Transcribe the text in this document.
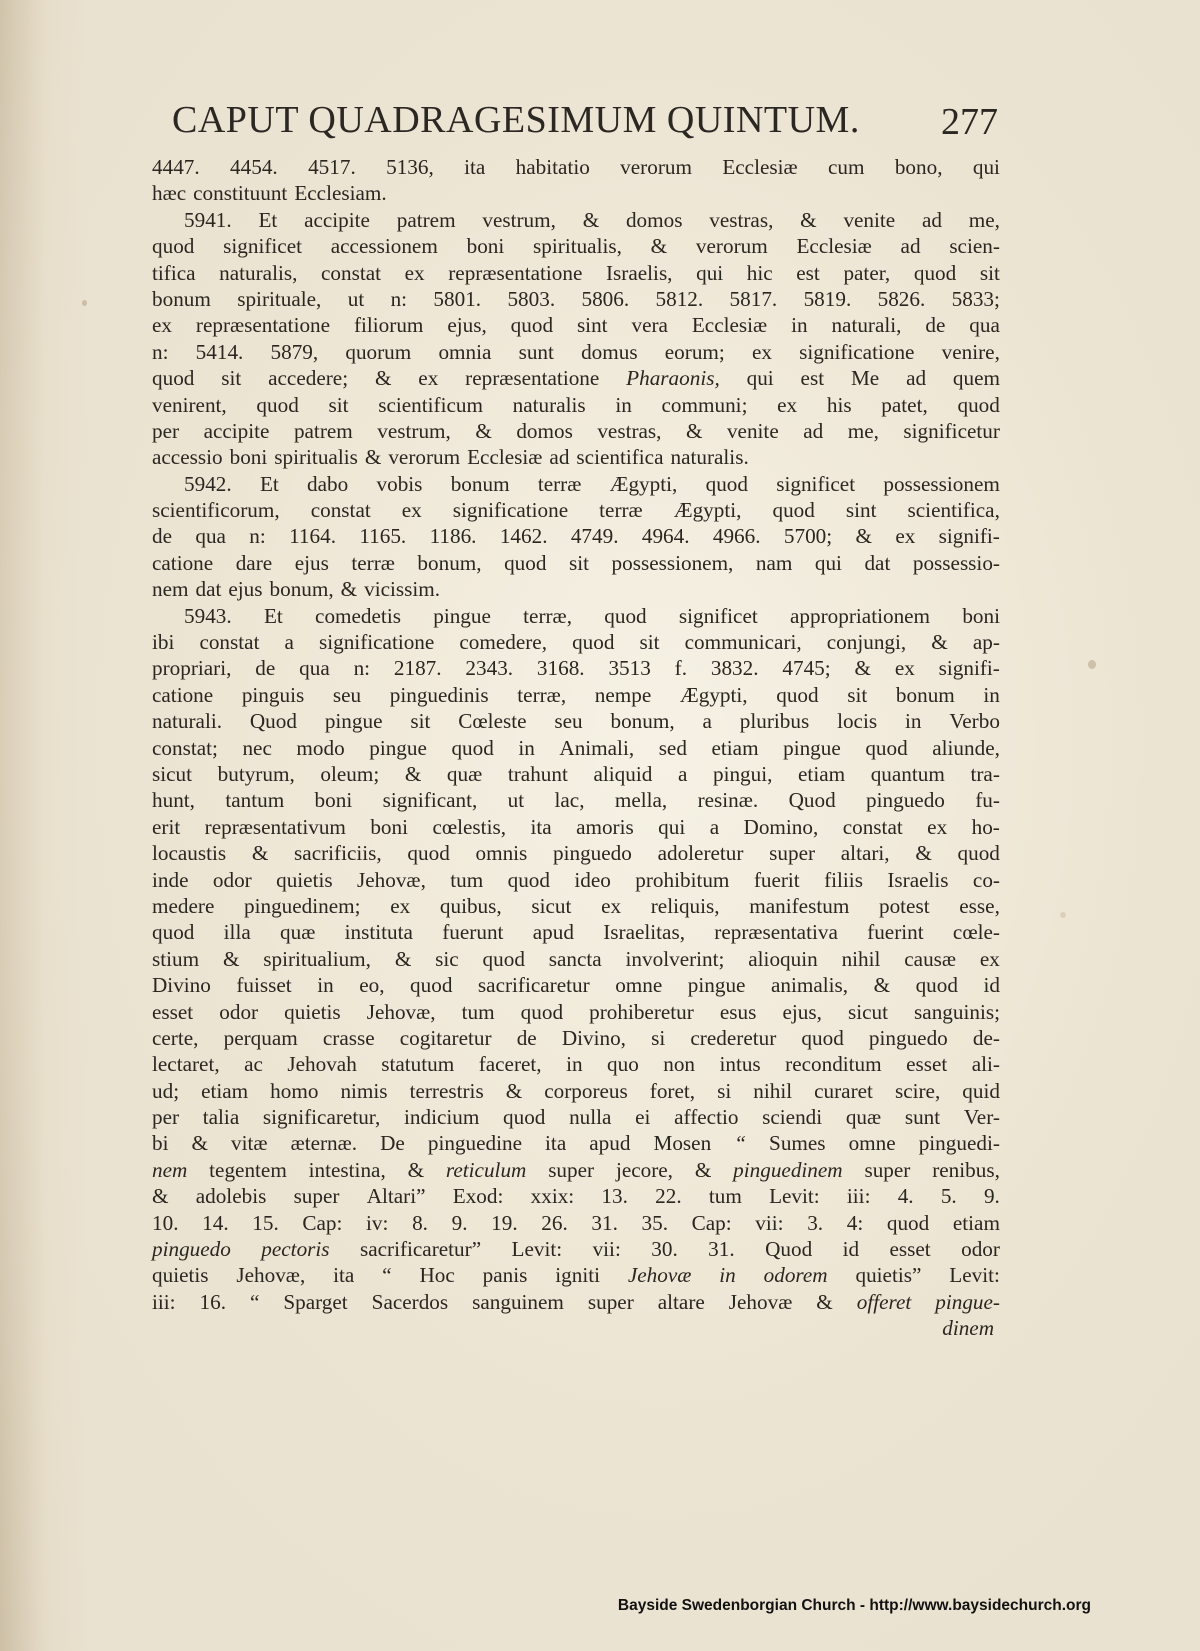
CAPUT QUADRAGESIMUM QUINTUM. 277
4447. 4454. 4517. 5136, ita habitatio verorum Ecclesiæ cum bono, qui
hæc constituunt Ecclesiam.
5941. Et accipite patrem vestrum, & domos vestras, & venite ad me,
quod significet accessionem boni spiritualis, & verorum Ecclesiæ ad scien-
tifica naturalis, constat ex repræsentatione Israelis, qui hic est pater, quod sit
bonum spirituale, ut n: 5801. 5803. 5806. 5812. 5817. 5819. 5826. 5833;
ex repræsentatione filiorum ejus, quod sint vera Ecclesiæ in naturali, de qua
n: 5414. 5879, quorum omnia sunt domus eorum; ex significatione venire,
quod sit accedere; & ex repræsentatione Pharaonis, qui est Me ad quem
venirent, quod sit scientificum naturalis in communi; ex his patet, quod
per accipite patrem vestrum, & domos vestras, & venite ad me, significetur
accessio boni spiritualis & verorum Ecclesiæ ad scientifica naturalis.
5942. Et dabo vobis bonum terræ Ægypti, quod significet possessionem
scientificorum, constat ex significatione terræ Ægypti, quod sint scientifica,
de qua n: 1164. 1165. 1186. 1462. 4749. 4964. 4966. 5700; & ex signifi-
catione dare ejus terræ bonum, quod sit possessionem, nam qui dat possessio-
nem dat ejus bonum, & vicissim.
5943. Et comedetis pingue terræ, quod significet appropriationem boni
ibi constat a significatione comedere, quod sit communicari, conjungi, & ap-
propriari, de qua n: 2187. 2343. 3168. 3513 f. 3832. 4745; & ex signifi-
catione pinguis seu pinguedinis terræ, nempe Ægypti, quod sit bonum in
naturali. Quod pingue sit Cœleste seu bonum, a pluribus locis in Verbo
constat; nec modo pingue quod in Animali, sed etiam pingue quod aliunde,
sicut butyrum, oleum; & quæ trahunt aliquid a pingui, etiam quantum tra-
hunt, tantum boni significant, ut lac, mella, resinæ. Quod pinguedo fu-
erit repræsentativum boni cœlestis, ita amoris qui a Domino, constat ex ho-
locaustis & sacrificiis, quod omnis pinguedo adoleretur super altari, & quod
inde odor quietis Jehovæ, tum quod ideo prohibitum fuerit filiis Israelis co-
medere pinguedinem; ex quibus, sicut ex reliquis, manifestum potest esse,
quod illa quæ instituta fuerunt apud Israelitas, repræsentativa fuerint cœle-
stium & spiritualium, & sic quod sancta involverint; alioquin nihil causæ ex
Divino fuisset in eo, quod sacrificaretur omne pingue animalis, & quod id
esset odor quietis Jehovæ, tum quod prohiberetur esus ejus, sicut sanguinis;
certe, perquam crasse cogitaretur de Divino, si crederetur quod pinguedo de-
lectaret, ac Jehovah statutum faceret, in quo non intus reconditum esset ali-
ud; etiam homo nimis terrestris & corporeus foret, si nihil curaret scire, quid
per talia significaretur, indicium quod nulla ei affectio sciendi quæ sunt Ver-
bi & vitæ æternæ. De pinguedine ita apud Mosen “ Sumes omne pinguedi-
nem tegentem intestina, & reticulum super jecore, & pinguedinem super renibus,
& adolebis super Altari” Exod: xxix: 13. 22. tum Levit: iii: 4. 5. 9.
10. 14. 15. Cap: iv: 8. 9. 19. 26. 31. 35. Cap: vii: 3. 4: quod etiam
pinguedo pectoris sacrificaretur” Levit: vii: 30. 31. Quod id esset odor
quietis Jehovæ, ita “ Hoc panis igniti Jehovæ in odorem quietis” Levit:
iii: 16. “ Sparget Sacerdos sanguinem super altare Jehovæ & offeret pingue-
dinem
Bayside Swedenborgian Church - http://www.baysidechurch.org
